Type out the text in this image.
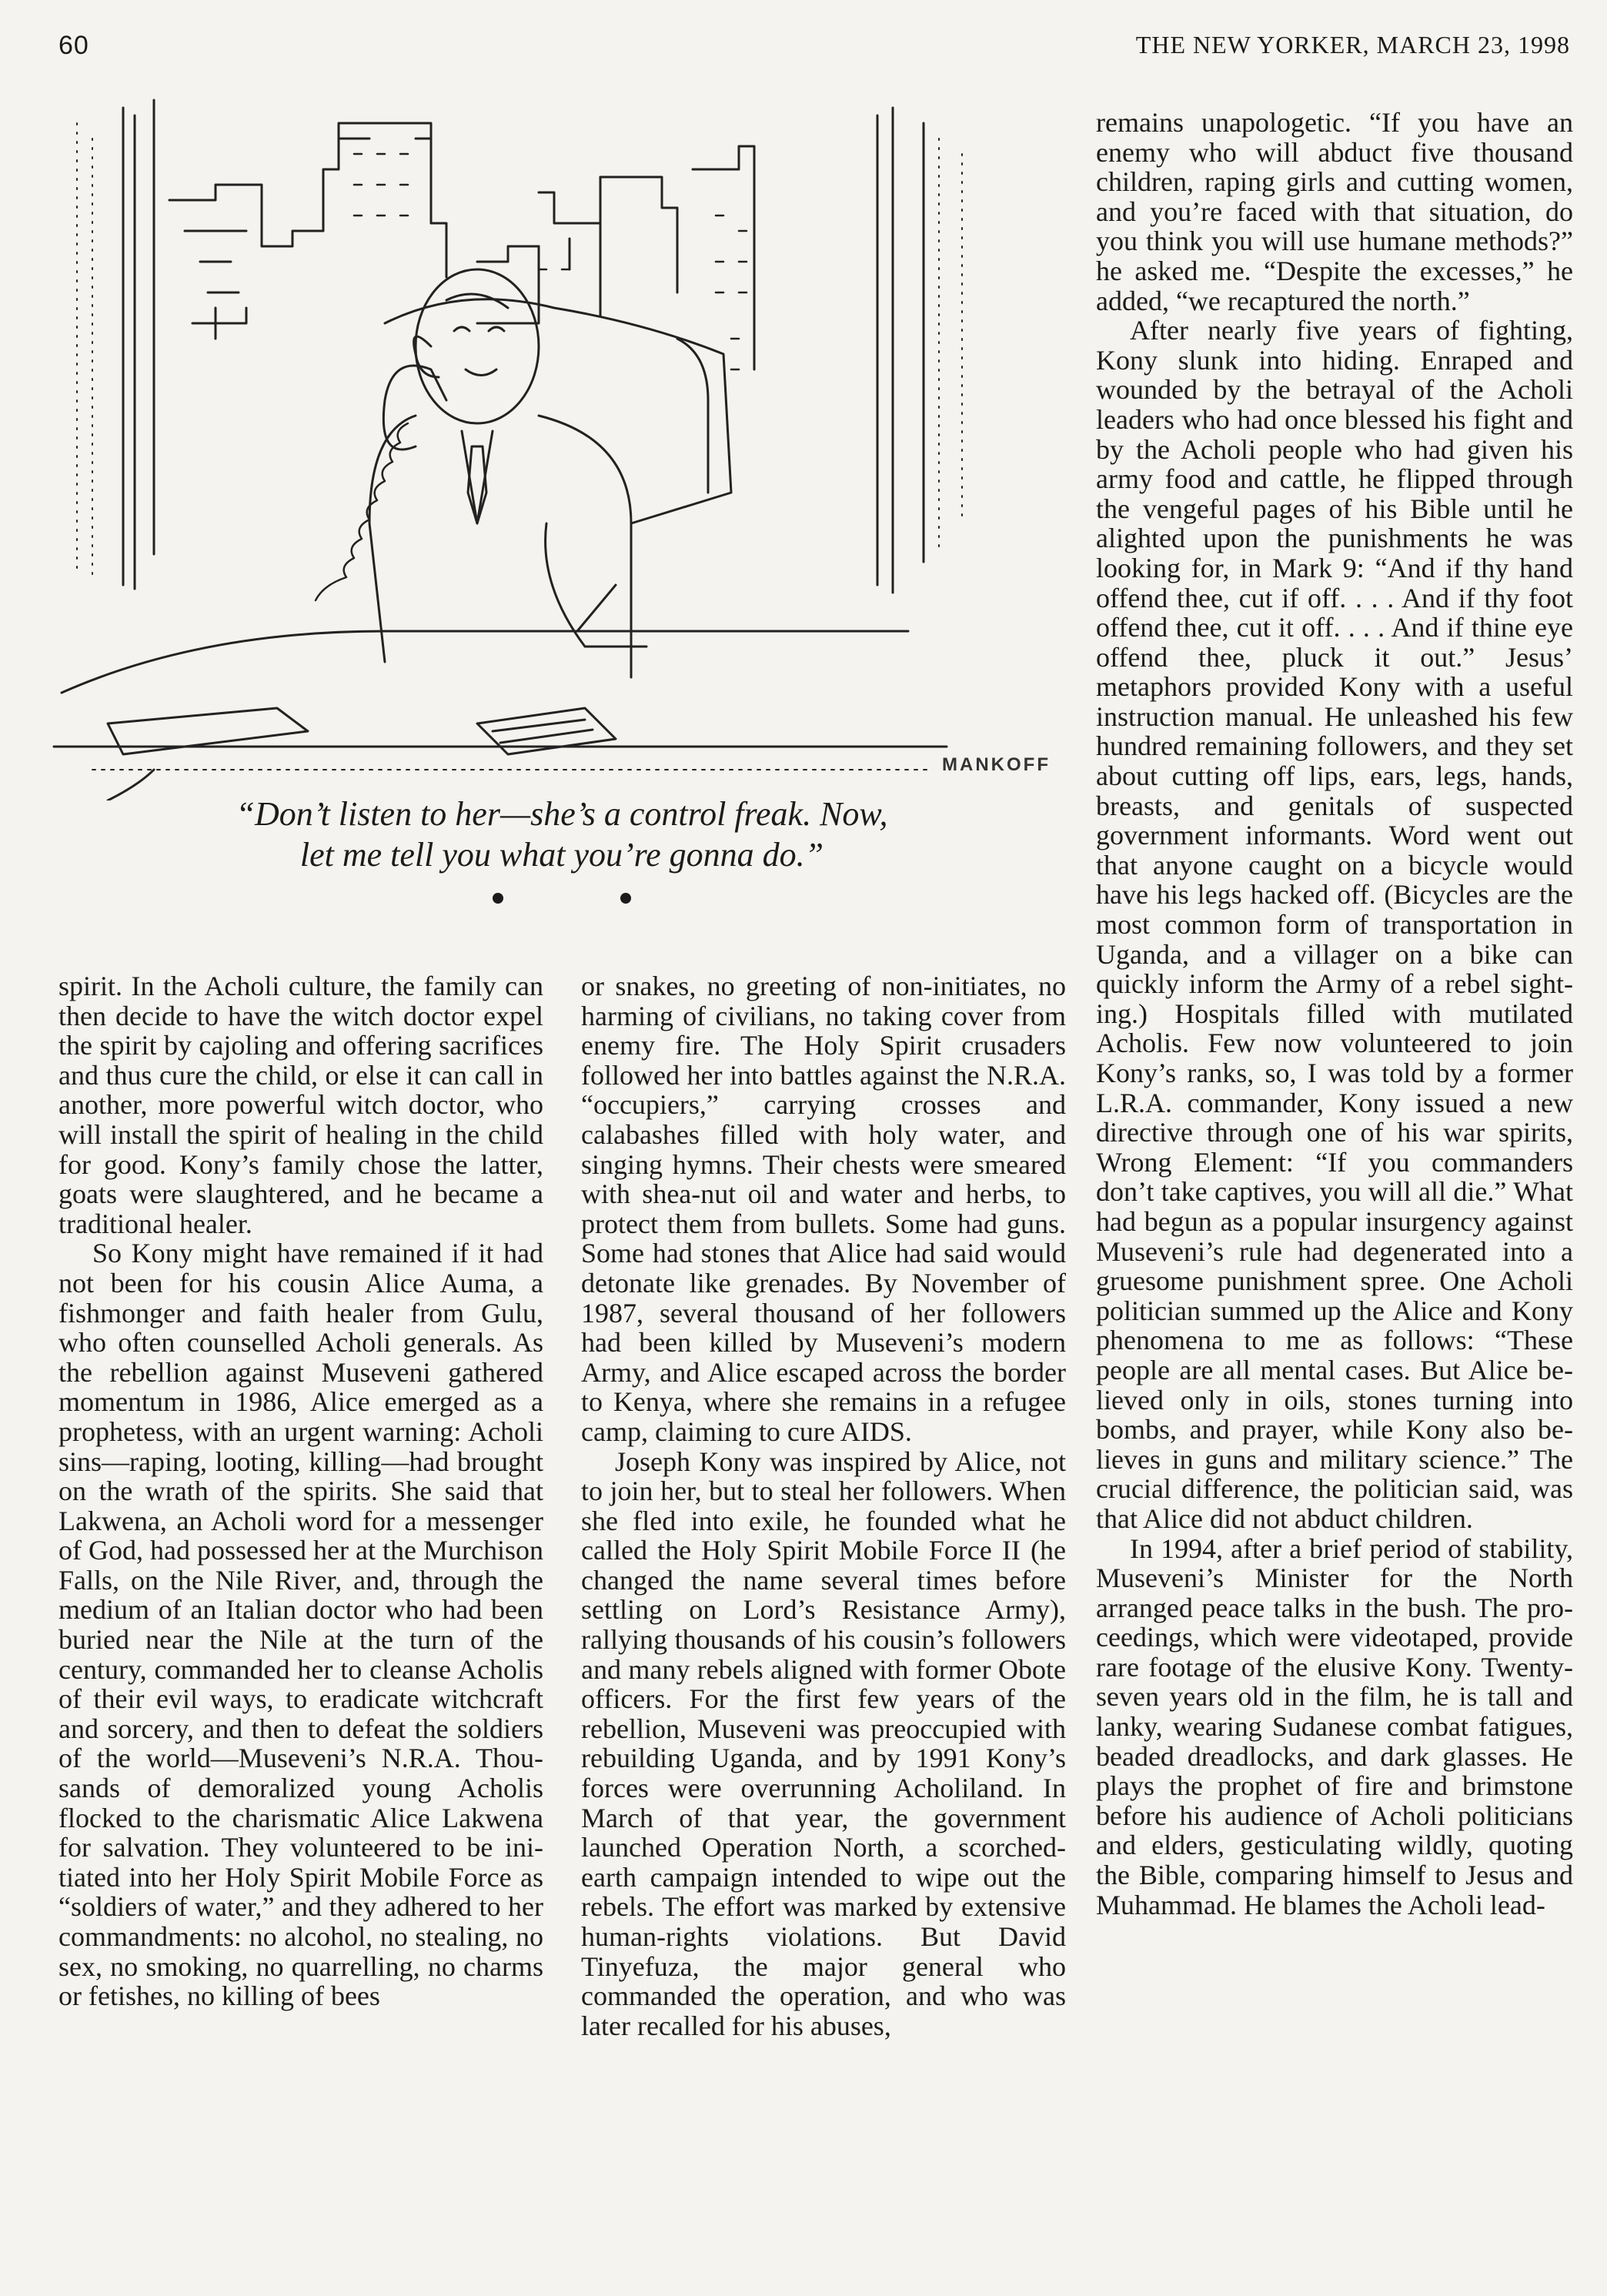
60	THE NEW YORKER, MARCH 23, 1998
MANKOFF
“Don’t listen to her—she’s a control freak. Now,
let me tell you what you’re gonna do.”

spirit. In the Acholi culture, the family can then decide to have the witch doctor expel the spirit by cajoling and offering sacrifices and thus cure the child, or else it can call in another, more powerful witch doctor, who will install the spirit of healing in the child for good. Kony’s family chose the latter, goats were slaughtered, and he became a traditional healer.

So Kony might have remained if it had not been for his cousin Alice Auma, a fishmonger and faith healer from Gulu, who often counselled Acholi generals. As the rebellion against Museveni gathered momentum in 1986, Alice emerged as a prophetess, with an urgent warning: Acholi sins—raping, looting, killing—had brought on the wrath of the spirits. She said that Lakwena, an Acholi word for a messenger of God, had possessed her at the Murchison Falls, on the Nile River, and, through the medium of an Italian doctor who had been buried near the Nile at the turn of the century, commanded her to cleanse Acholis of their evil ways, to eradicate witchcraft and sorcery, and then to defeat the soldiers of the world—Museveni’s N.R.A. Thousands of demoralized young Acholis flocked to the charismatic Alice Lakwena for salvation. They volunteered to be initiated into her Holy Spirit Mobile Force as “soldiers of water,” and they adhered to her commandments: no alcohol, no stealing, no sex, no smoking, no quarrelling, no charms or fetishes, no killing of bees

or snakes, no greeting of non-initiates, no harming of civilians, no taking cover from enemy fire. The Holy Spirit crusaders followed her into battles against the N.R.A. “occupiers,” carrying crosses and calabashes filled with holy water, and singing hymns. Their chests were smeared with shea-nut oil and water and herbs, to protect them from bullets. Some had guns. Some had stones that Alice had said would detonate like grenades. By November of 1987, several thousand of her followers had been killed by Museveni’s modern Army, and Alice escaped across the border to Kenya, where she remains in a refugee camp, claiming to cure AIDS.

Joseph Kony was inspired by Alice, not to join her, but to steal her followers. When she fled into exile, he founded what he called the Holy Spirit Mobile Force II (he changed the name several times before settling on Lord’s Resistance Army), rallying thousands of his cousin’s followers and many rebels aligned with former Obote officers. For the first few years of the rebellion, Museveni was preoccupied with rebuilding Uganda, and by 1991 Kony’s forces were overrunning Acholiland. In March of that year, the government launched Operation North, a scorched-earth campaign intended to wipe out the rebels. The effort was marked by extensive human-rights violations. But David Tinyefuza, the major general who commanded the operation, and who was later recalled for his abuses,

remains unapologetic. “If you have an enemy who will abduct five thousand children, raping girls and cutting women, and you’re faced with that situation, do you think you will use humane methods?” he asked me. “Despite the excesses,” he added, “we recaptured the north.”

After nearly five years of fighting, Kony slunk into hiding. Enraped and wounded by the betrayal of the Acholi leaders who had once blessed his fight and by the Acholi people who had given his army food and cattle, he flipped through the vengeful pages of his Bible until he alighted upon the punishments he was looking for, in Mark 9: “And if thy hand offend thee, cut if off. . . . And if thy foot offend thee, cut it off. . . . And if thine eye offend thee, pluck it out.” Jesus’ metaphors provided Kony with a useful instruction manual. He unleashed his few hundred remaining followers, and they set about cutting off lips, ears, legs, hands, breasts, and genitals of suspected government informants. Word went out that anyone caught on a bicycle would have his legs hacked off. (Bicycles are the most common form of transportation in Uganda, and a villager on a bike can quickly inform the Army of a rebel sighting.) Hospitals filled with mutilated Acholis. Few now volunteered to join Kony’s ranks, so, I was told by a former L.R.A. commander, Kony issued a new directive through one of his war spirits, Wrong Element: “If you commanders don’t take captives, you will all die.” What had begun as a popular insurgency against Museveni’s rule had degenerated into a gruesome punishment spree. One Acholi politician summed up the Alice and Kony phenomena to me as follows: “These people are all mental cases. But Alice believed only in oils, stones turning into bombs, and prayer, while Kony also believes in guns and military science.” The crucial difference, the politician said, was that Alice did not abduct children.

In 1994, after a brief period of stability, Museveni’s Minister for the North arranged peace talks in the bush. The proceedings, which were videotaped, provide rare footage of the elusive Kony. Twenty-seven years old in the film, he is tall and lanky, wearing Sudanese combat fatigues, beaded dreadlocks, and dark glasses. He plays the prophet of fire and brimstone before his audience of Acholi politicians and elders, gesticulating wildly, quoting the Bible, comparing himself to Jesus and Muhammad. He blames the Acholi lead-
